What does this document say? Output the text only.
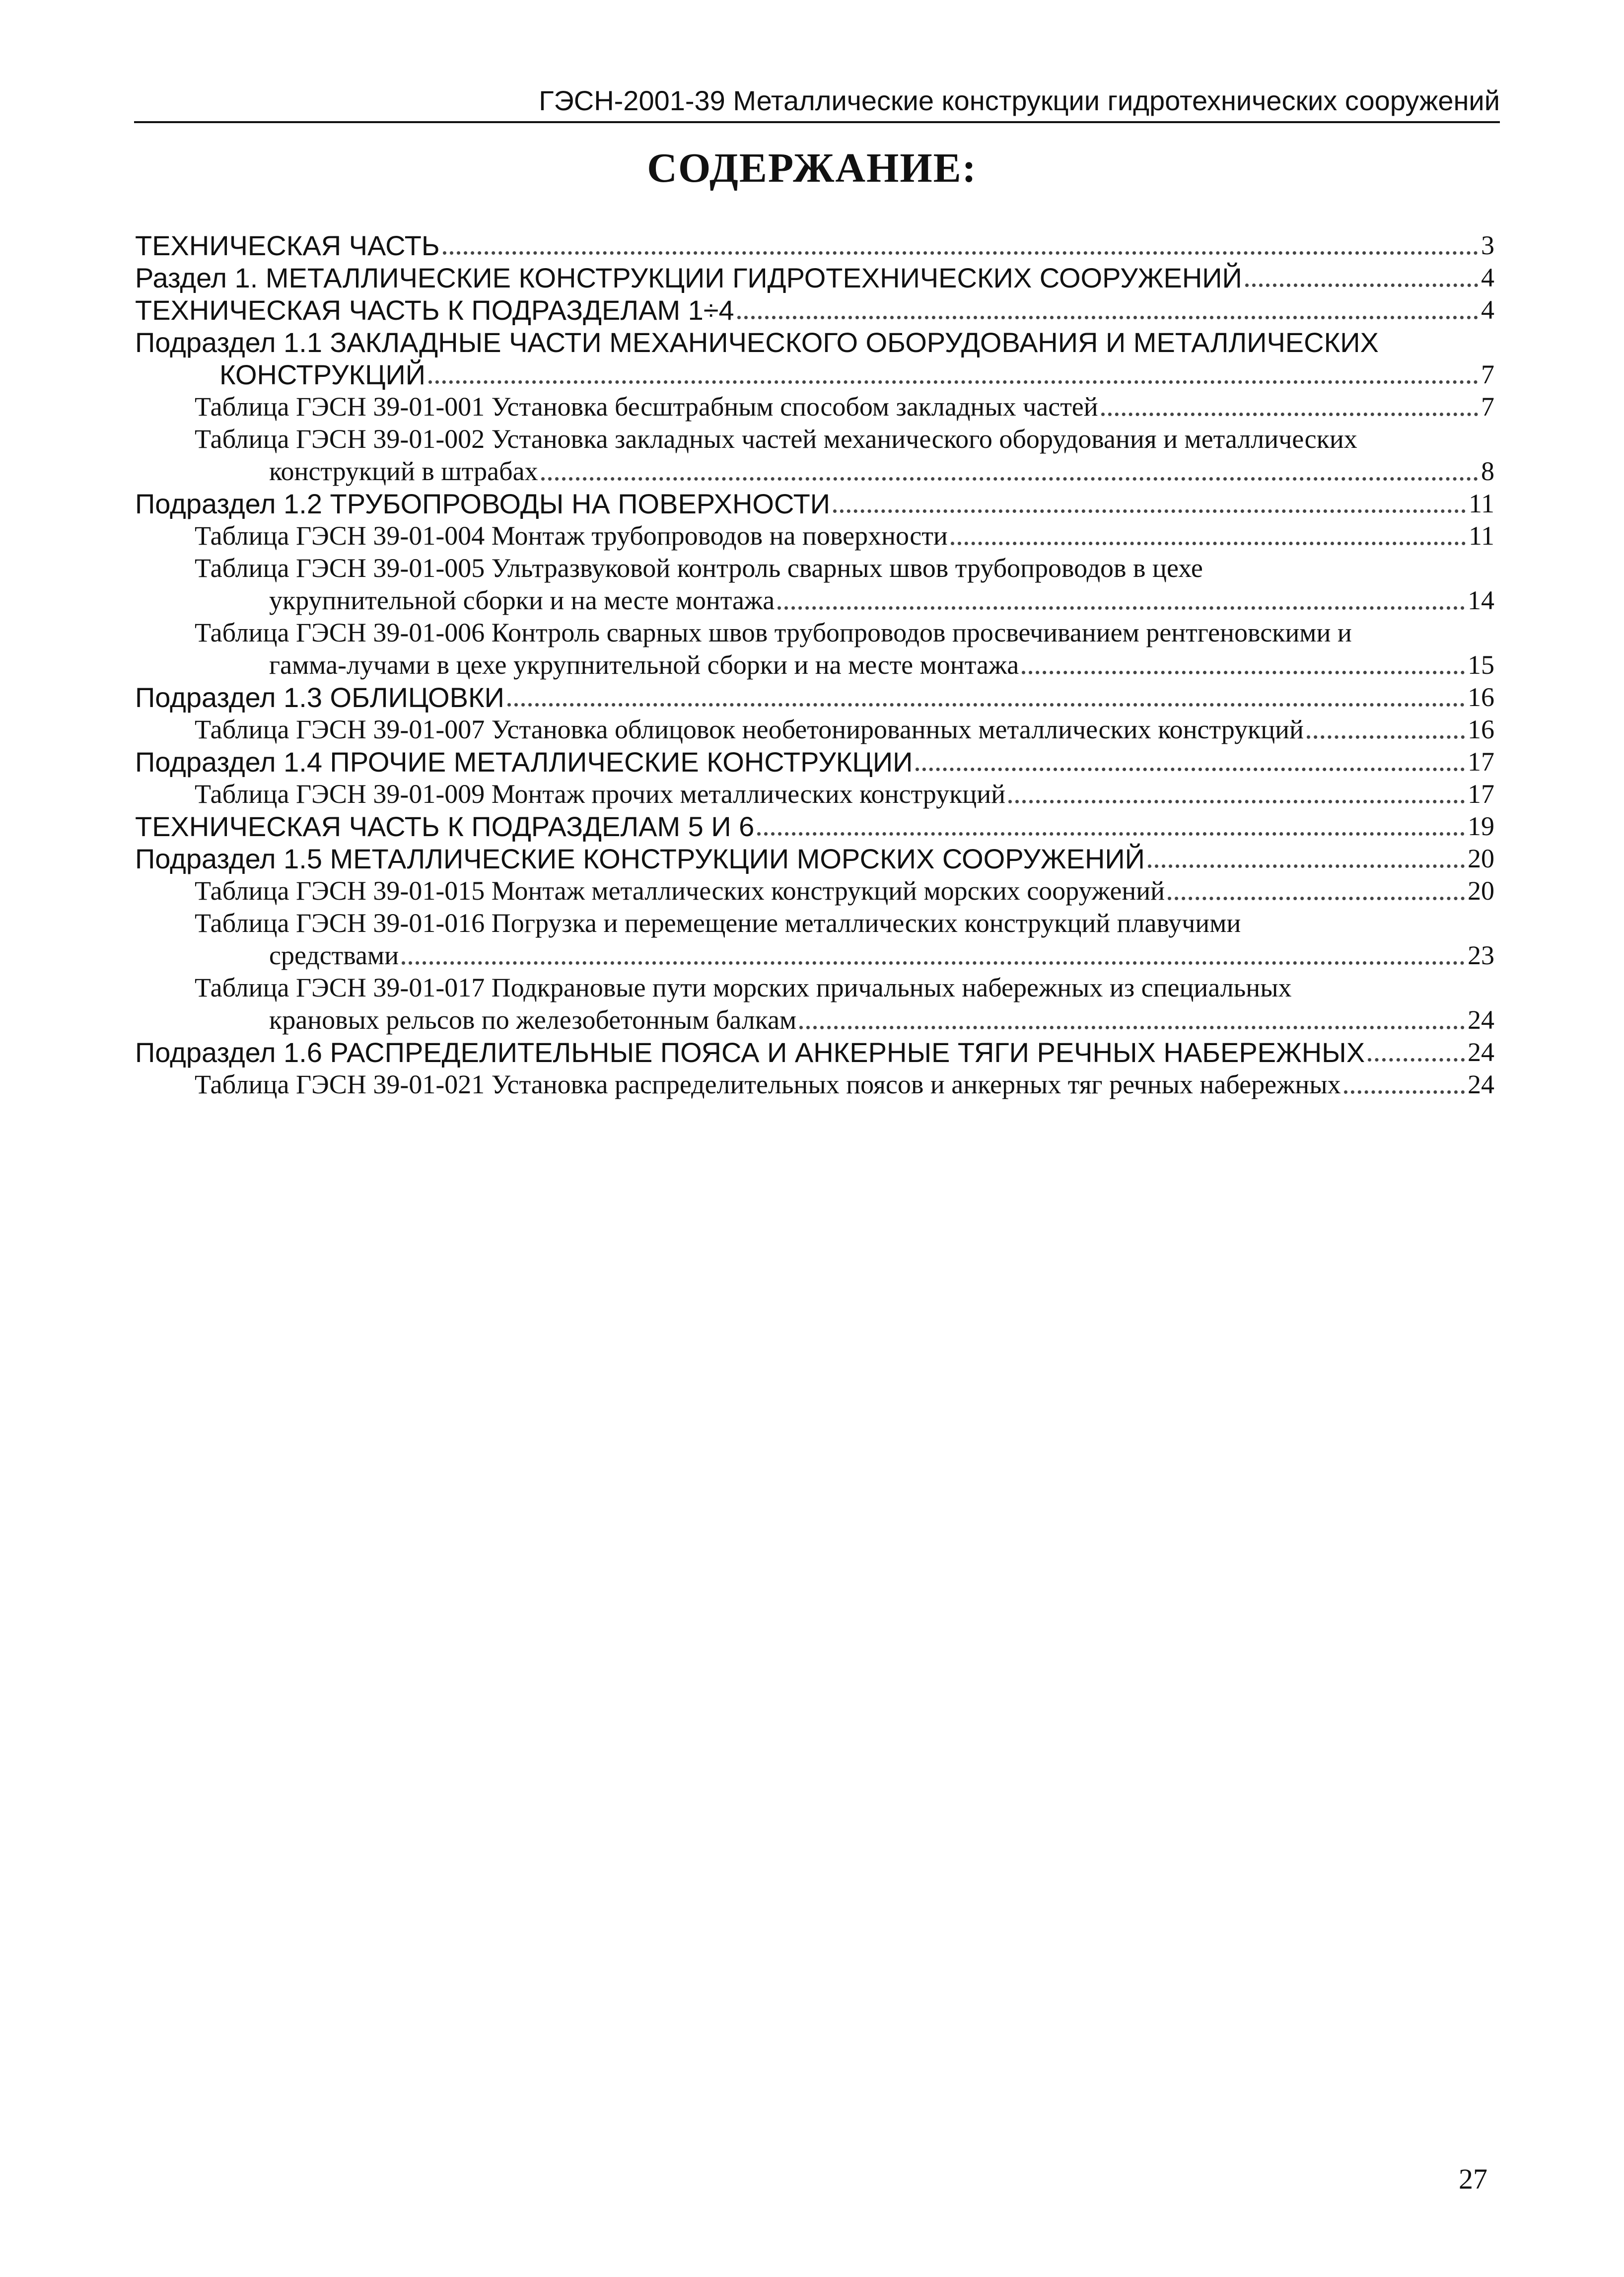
ГЭСН-2001-39 Металлические конструкции гидротехнических сооружений
СОДЕРЖАНИЕ:
ТЕХНИЧЕСКАЯ ЧАСТЬ	3
Раздел 1. МЕТАЛЛИЧЕСКИЕ КОНСТРУКЦИИ ГИДРОТЕХНИЧЕСКИХ СООРУЖЕНИЙ	4
ТЕХНИЧЕСКАЯ ЧАСТЬ К ПОДРАЗДЕЛАМ 1÷4	4
Подраздел 1.1 ЗАКЛАДНЫЕ ЧАСТИ МЕХАНИЧЕСКОГО ОБОРУДОВАНИЯ И МЕТАЛЛИЧЕСКИХ
КОНСТРУКЦИЙ	7
Таблица ГЭСН 39-01-001 Установка бесштрабным способом закладных частей	7
Таблица ГЭСН 39-01-002 Установка закладных частей механического оборудования и металлических
конструкций в штрабах	8
Подраздел 1.2 ТРУБОПРОВОДЫ НА ПОВЕРХНОСТИ	11
Таблица ГЭСН 39-01-004 Монтаж трубопроводов на поверхности	11
Таблица ГЭСН 39-01-005 Ультразвуковой контроль сварных швов трубопроводов в цехе
укрупнительной сборки и на месте монтажа	14
Таблица ГЭСН 39-01-006 Контроль сварных швов трубопроводов просвечиванием рентгеновскими и
гамма-лучами в цехе укрупнительной сборки и на месте монтажа	15
Подраздел 1.3 ОБЛИЦОВКИ	16
Таблица ГЭСН 39-01-007 Установка облицовок необетонированных металлических конструкций	16
Подраздел 1.4 ПРОЧИЕ МЕТАЛЛИЧЕСКИЕ КОНСТРУКЦИИ	17
Таблица ГЭСН 39-01-009 Монтаж прочих металлических конструкций	17
ТЕХНИЧЕСКАЯ ЧАСТЬ К ПОДРАЗДЕЛАМ 5 И 6	19
Подраздел 1.5 МЕТАЛЛИЧЕСКИЕ КОНСТРУКЦИИ МОРСКИХ СООРУЖЕНИЙ	20
Таблица ГЭСН 39-01-015 Монтаж металлических конструкций морских сооружений	20
Таблица ГЭСН 39-01-016 Погрузка и перемещение металлических конструкций плавучими
средствами	23
Таблица ГЭСН 39-01-017 Подкрановые пути морских причальных набережных из специальных
крановых рельсов по железобетонным балкам	24
Подраздел 1.6 РАСПРЕДЕЛИТЕЛЬНЫЕ ПОЯСА И АНКЕРНЫЕ ТЯГИ РЕЧНЫХ НАБЕРЕЖНЫХ	24
Таблица ГЭСН 39-01-021 Установка распределительных поясов и анкерных тяг речных набережных	24
27
